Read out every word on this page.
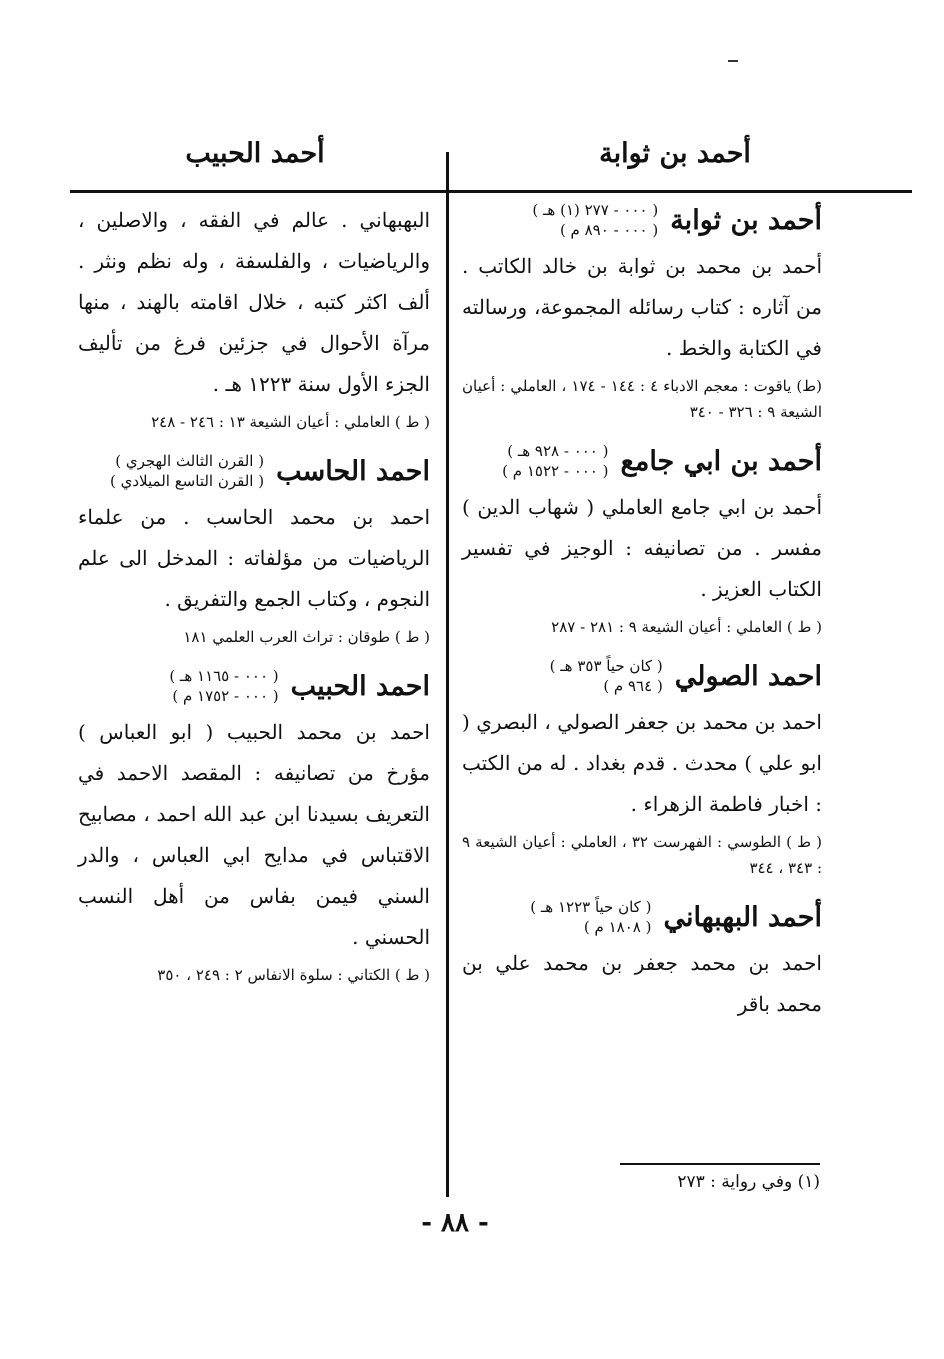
أحمد بن ثوابة
أحمد الحبيب
أحمد بن ثوابة
( ٠٠٠ - ٢٧٧ (١) هـ )
( ٠٠٠ - ٨٩٠ م )

أحمد بن محمد بن ثوابة بن خالد الكاتب . من آثاره : كتاب رسائله المجموعة، ورسالته في الكتابة والخط .

(ط) ياقوت : معجم الادباء ٤ : ١٤٤ - ١٧٤ ، العاملي : أعيان الشيعة ٩ : ٣٢٦ - ٣٤٠

أحمد بن ابي جامع
( ٠٠٠ - ٩٢٨ هـ )
( ٠٠٠ - ١٥٢٢ م )

أحمد بن ابي جامع العاملي ( شهاب الدين ) مفسر . من تصانيفه : الوجيز في تفسير الكتاب العزيز .

( ط ) العاملي : أعيان الشيعة ٩ : ٢٨١ - ٢٨٧

احمد الصولي
( كان حياً ٣٥٣ هـ )
( ٩٦٤ م )

احمد بن محمد بن جعفر الصولي ، البصري ( ابو علي ) محدث . قدم بغداد . له من الكتب : اخبار فاطمة الزهراء .

( ط ) الطوسي : الفهرست ٣٢ ، العاملي : أعيان الشيعة ٩ : ٣٤٣ ، ٣٤٤

أحمد البهبهاني
( كان حياً ١٢٢٣ هـ )
( ١٨٠٨ م )

احمد بن محمد جعفر بن محمد علي بن محمد باقر

البهبهاني . عالم في الفقه ، والاصلين ، والرياضيات ، والفلسفة ، وله نظم ونثر . ألف اكثر كتبه ، خلال اقامته بالهند ، منها مرآة الأحوال في جزئين فرغ من تأليف الجزء الأول سنة ١٢٢٣ هـ .

( ط ) العاملي : أعيان الشيعة ١٣ : ٢٤٦ - ٢٤٨

احمد الحاسب
( القرن الثالث الهجري )
( القرن التاسع الميلادي )

احمد بن محمد الحاسب . من علماء الرياضيات من مؤلفاته : المدخل الى علم النجوم ، وكتاب الجمع والتفريق .

( ط ) طوقان : تراث العرب العلمي ١٨١

احمد الحبيب
( ٠٠٠ - ١١٦٥ هـ )
( ٠٠٠ - ١٧٥٢ م )

احمد بن محمد الحبيب ( ابو العباس ) مؤرخ من تصانيفه : المقصد الاحمد في التعريف بسيدنا ابن عبد الله احمد ، مصابيح الاقتباس في مدايح ابي العباس ، والدر السني فيمن بفاس من أهل النسب الحسني .

( ط ) الكتاني : سلوة الانفاس ٢ : ٢٤٩ ، ٣٥٠

(١) وفي رواية : ٢٧٣
- ٨٨ -
